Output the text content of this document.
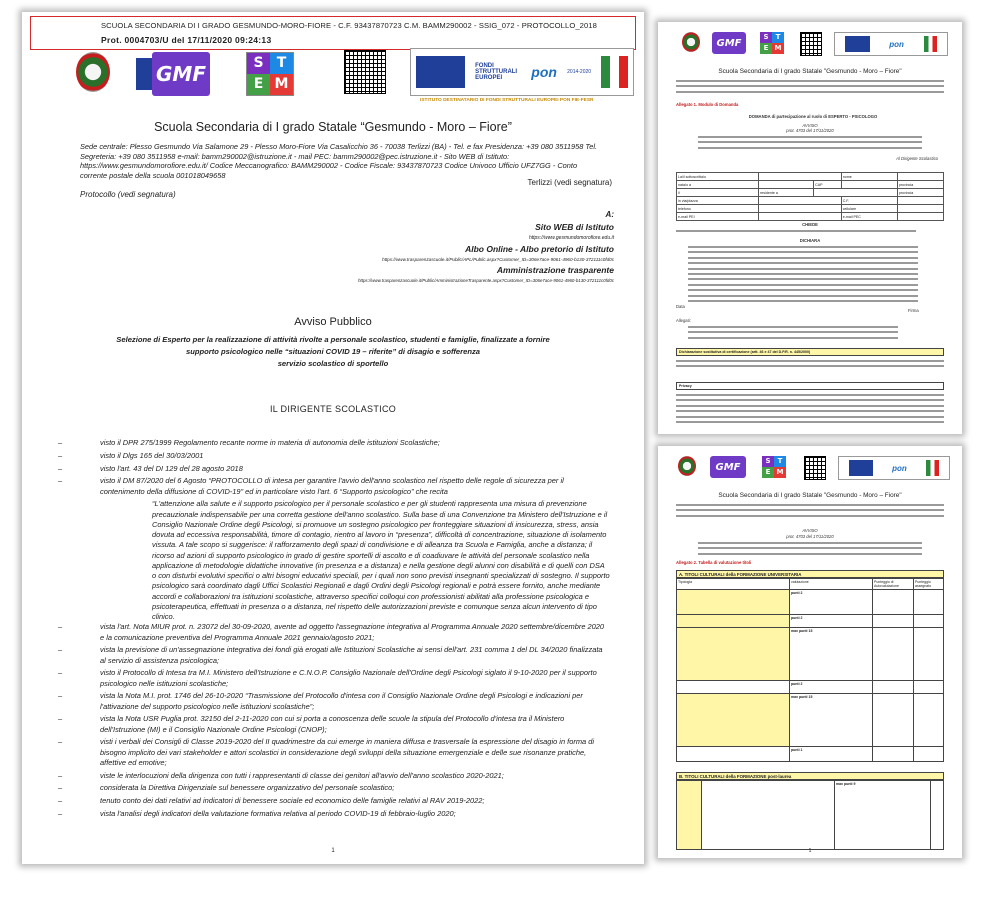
SCUOLA SECONDARIA DI I GRADO GESMUNDO-MORO-FIORE - C.F. 93437870723 C.M. BAMM290002 - SSIG_072 - PROTOCOLLO_2018
Prot. 0004703/U del 17/11/2020 09:24:13
GMF	S T
E M
FONDI STRUTTURALI EUROPEI	pon 2014-2020
ISTITUTO DESTINATARIO DI FONDI STRUTTURALI EUROPEI PON FIE-FESR
Scuola Secondaria di I grado Statale “Gesmundo - Moro – Fiore”
Sede centrale: Plesso Gesmundo Via Salamone 29 - Plesso Moro-Fiore Via Casalicchio 36 - 70038 Terlizzi (BA) - Tel. e fax Presidenza: +39 080 3511958 Tel. Segreteria: +39 080 3511958 e-mail: bamm290002@istruzione.it - mail PEC: bamm290002@pec.istruzione.it - Sito WEB di Istituto: https://www.gesmundomorofiore.edu.it/ Codice Meccanografico: BAMM290002 - Codice Fiscale: 93437870723 Codice Univoco Ufficio UFZ7GG - Conto corrente postale della scuola 001018049658
Terlizzi (vedi segnatura)
Protocollo (vedi segnatura)
A:
Sito WEB di Istituto
https://www.gesmundomorofiore.edu.it
Albo Online - Albo pretorio di Istituto
https://www.trasparenzascuole.it/Public/APL/Public.aspx?Customer_ID=306e7ace-9061-4960-b130-372111c0fd0c
Amministrazione trasparente
https://www.trasparenzascuole.it/Public/AmministrazioneTrasparente.aspx?Customer_ID=306e7ace-9061-4960-b130-372111c0fd0c
Avviso Pubblico
Selezione di Esperto per la realizzazione di attività rivolte a personale scolastico, studenti e famiglie, finalizzate a fornire
supporto psicologico nelle “situazioni COVID 19 – riferite” di disagio e sofferenza
servizio scolastico di sportello
IL DIRIGENTE SCOLASTICO
– visto il DPR 275/1999 Regolamento recante norme in materia di autonomia delle istituzioni Scolastiche;
– visto il Dlgs 165 del 30/03/2001
– visto l'art. 43 del DI 129 del 28 agosto 2018
– visto il DM 87/2020 del 6 Agosto “PROTOCOLLO di intesa per garantire l'avvio dell'anno scolastico nel rispetto delle regole di sicurezza per il contenimento della diffusione di COVID-19” ed in particolare visto l'art. 6 “Supporto psicologico” che recita
“L'attenzione alla salute e il supporto psicologico per il personale scolastico e per gli studenti rappresenta una misura di prevenzione precauzionale indispensabile per una corretta gestione dell'anno scolastico. Sulla base di una Convenzione tra Ministero dell'Istruzione e il Consiglio Nazionale Ordine degli Psicologi, si promuove un sostegno psicologico per fronteggiare situazioni di insicurezza, stress, ansia dovuta ad eccessiva responsabilità, timore di contagio, rientro al lavoro in “presenza”, difficoltà di concentrazione, situazione di isolamento vissuta. A tale scopo si suggerisce: il rafforzamento degli spazi di condivisione e di alleanza tra Scuola e Famiglia, anche a distanza; il ricorso ad azioni di supporto psicologico in grado di gestire sportelli di ascolto e di coadiuvare le attività del personale scolastico nella applicazione di metodologie didattiche innovative (in presenza e a distanza) e nella gestione degli alunni con disabilità e di quelli con DSA o con disturbi evolutivi specifici o altri bisogni educativi speciali, per i quali non sono previsti insegnanti specializzati di sostegno. Il supporto psicologico sarà coordinato dagli Uffici Scolastici Regionali e dagli Ordini degli Psicologi regionali e potrà essere fornito, anche mediante accordi e collaborazioni tra istituzioni scolastiche, attraverso specifici colloqui con professionisti abilitati alla professione psicologica e psicoterapeutica, effettuati in presenza o a distanza, nel rispetto delle autorizzazioni previste e comunque senza alcun intervento di tipo clinico.
– vista l'art. Nota MIUR prot. n. 23072 del 30-09-2020, avente ad oggetto l'assegnazione integrativa al Programma Annuale 2020 settembre/dicembre 2020 e la comunicazione preventiva del Programma Annuale 2021 gennaio/agosto 2021;
– vista la previsione di un'assegnazione integrativa dei fondi già erogati alle Istituzioni Scolastiche ai sensi dell'art. 231 comma 1 del DL 34/2020 finalizzata al servizio di assistenza psicologica;
– visto il Protocollo di Intesa tra M.I. Ministero dell'Istruzione e C.N.O.P. Consiglio Nazionale dell'Ordine degli Psicologi siglato il 9-10-2020 per il supporto psicologico nelle istituzioni scolastiche;
– vista la Nota M.I. prot. 1746 del 26-10-2020 “Trasmissione del Protocollo d'intesa con il Consiglio Nazionale Ordine degli Psicologi e indicazioni per l'attivazione del supporto psicologico nelle istituzioni scolastiche”;
– vista la Nota USR Puglia prot. 32150 del 2-11-2020 con cui si porta a conoscenza delle scuole la stipula del Protocollo d'intesa tra il Ministero dell'Istruzione (MI) e il Consiglio Nazionale Ordine Psicologi (CNOP);
– visti i verbali dei Consigli di Classe 2019-2020 del II quadrimestre da cui emerge in maniera diffusa e trasversale la espressione del disagio in forma di bisogno implicito dei vari stakeholder e attori scolastici in considerazione degli sviluppi della situazione emergenziale e delle sue risonanze pratiche, affettive ed emotive;
– viste le interlocuzioni della dirigenza con tutti i rappresentanti di classe dei genitori all'avvio dell'anno scolastico 2020-2021;
– considerata la Direttiva Dirigenziale sul benessere organizzativo del personale scolastico;
– tenuto conto dei dati relativi ad indicatori di benessere sociale ed economico delle famiglie relativi al RAV 2019-2022;
– vista l'analisi degli indicatori della valutazione formativa relativa al periodo COVID-19 di febbraio-luglio 2020;
1
GMF
S	T
E M	pon
Scuola Secondaria di I grado Statale "Gesmundo - Moro – Fiore"
Allegato 1. Modulo di Domanda
DOMANDA di partecipazione al ruolo di ESPERTO - PSICOLOGO
AVVISO
prot. 4703 del 17/11/2020
Al Dirigente Scolastico
La/il sottoscritta/o			nome	
nata/o a		CAP		provincia
il	residente a			provincia
in via/piazza			C.F.	
telefono			cellulare	
e-mail PEI			e-mail PEC	
CHIEDE
DICHIARA
Data
Firma
Allegati:
Dichiarazione sostitutiva di certificazione (artt. 46 e 47 del D.P.R. n. 445/2000)
Privacy
GMF
S	T
E M	pon
Scuola Secondaria di I grado Statale "Gesmundo - Moro – Fiore"
AVVISO
prot. 4703 del 17/11/2020
Allegato 2. Tabella di valutazione titoli
A. TITOLI CULTURALI della FORMAZIONE UNIVERSITARIA
Tipologia	valutazione	Punteggio di Autovalutazione	Punteggio assegnato
	punti 2		
	punti 2		
	max punti 15		
	punti 2		
	max punti 15		
	punti 1		
B. TITOLI CULTURALI della FORMAZIONE post-laurea
		max punti 9	
1
